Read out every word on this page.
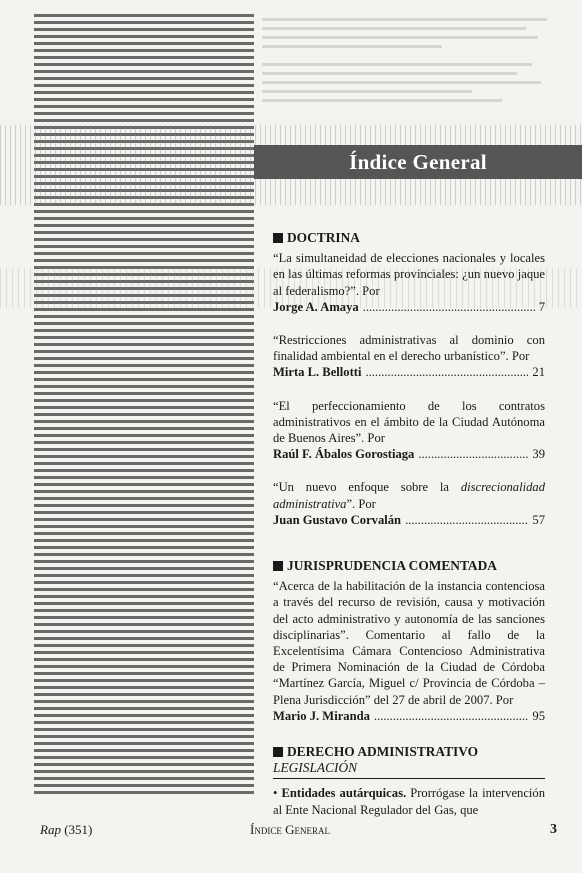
Índice General
DOCTRINA
“La simultaneidad de elecciones nacionales y locales en las últimas reformas provinciales: ¿un nuevo jaque al federalismo?”. Por
Jorge A. Amaya .....	7
“Restricciones administrativas al dominio con finalidad ambiental en el derecho urbanístico”. Por
Mirta L. Bellotti .....	21
“El perfeccionamiento de los contratos administrativos en el ámbito de la Ciudad Autónoma de Buenos Aires”. Por
Raúl F. Ábalos Gorostiaga .....	39
“Un nuevo enfoque sobre la discrecionalidad administrativa”. Por
Juan Gustavo Corvalán .....	57
JURISPRUDENCIA COMENTADA
“Acerca de la habilitación de la instancia contenciosa a través del recurso de revisión, causa y motivación del acto administrativo y autonomía de las sanciones disciplinarias”. Comentario al fallo de la Excelentísima Cámara Contencioso Administrativa de Primera Nominación de la Ciudad de Córdoba “Martínez García, Miguel c/ Provincia de Córdoba – Plena Jurisdicción” del 27 de abril de 2007. Por
Mario J. Miranda .....	95
DERECHO ADMINISTRATIVO
LEGISLACIÓN
• Entidades autárquicas. Prorrógase la intervención al Ente Nacional Regulador del Gas, que
Rap (351)	Índice General	3
